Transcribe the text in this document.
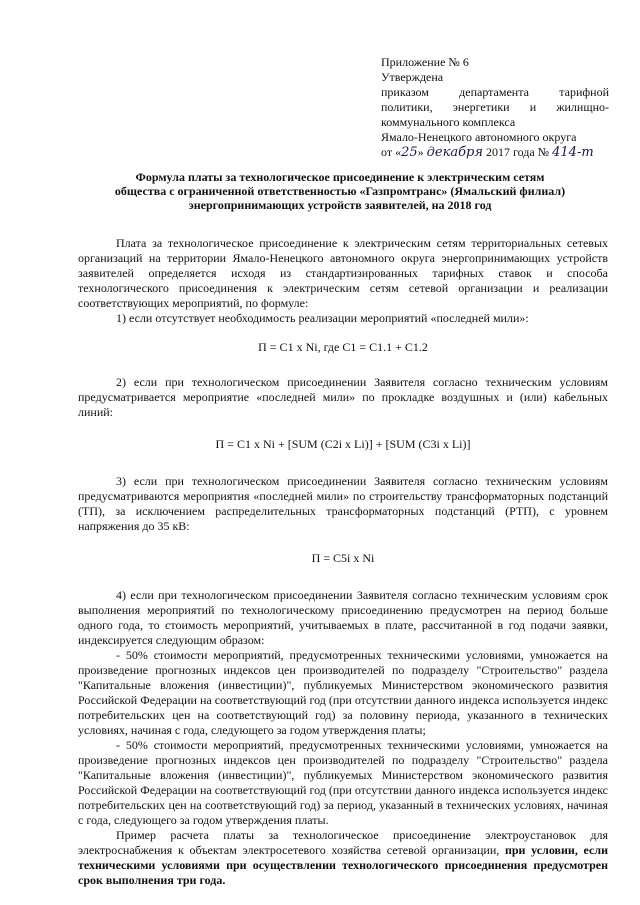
Приложение № 6
Утверждена
приказом департамента тарифной
политики, энергетики и жилищно-
коммунального комплекса
Ямало-Ненецкого автономного округа
от «25» декабря 2017 года № 414-т
Формула платы за технологическое присоединение к электрическим сетям
общества с ограниченной ответственностью «Газпромтранс» (Ямальский филиал)
энергопринимающих устройств заявителей, на 2018 год

Плата за технологическое присоединение к электрическим сетям территориальных сетевых организаций на территории Ямало-Ненецкого автономного округа энергопринимающих устройств заявителей определяется исходя из стандартизированных тарифных ставок и способа технологического присоединения к электрическим сетям сетевой организации и реализации соответствующих мероприятий, по формуле:

1) если отсутствует необходимость реализации мероприятий «последней мили»:

П = С1 х Ni, где С1 = С1.1 + С1.2

2) если при технологическом присоединении Заявителя согласно техническим условиям предусматривается мероприятие «последней мили» по прокладке воздушных и (или) кабельных линий:

П = С1 х Ni + [SUM (С2i х Li)] + [SUM (С3i х Li)]

3) если при технологическом присоединении Заявителя согласно техническим условиям предусматриваются мероприятия «последней мили» по строительству трансформаторных подстанций (ТП), за исключением распределительных трансформаторных подстанций (РТП), с уровнем напряжения до 35 кВ:

П = С5i х Ni

4) если при технологическом присоединении Заявителя согласно техническим условиям срок выполнения мероприятий по технологическому присоединению предусмотрен на период больше одного года, то стоимость мероприятий, учитываемых в плате, рассчитанной в год подачи заявки, индексируется следующим образом:

- 50% стоимости мероприятий, предусмотренных техническими условиями, умножается на произведение прогнозных индексов цен производителей по подразделу "Строительство" раздела "Капитальные вложения (инвестиции)", публикуемых Министерством экономического развития Российской Федерации на соответствующий год (при отсутствии данного индекса используется индекс потребительских цен на соответствующий год) за половину периода, указанного в технических условиях, начиная с года, следующего за годом утверждения платы;

- 50% стоимости мероприятий, предусмотренных техническими условиями, умножается на произведение прогнозных индексов цен производителей по подразделу "Строительство" раздела "Капитальные вложения (инвестиции)", публикуемых Министерством экономического развития Российской Федерации на соответствующий год (при отсутствии данного индекса используется индекс потребительских цен на соответствующий год) за период, указанный в технических условиях, начиная с года, следующего за годом утверждения платы.

Пример расчета платы за технологическое присоединение электроустановок для электроснабжения к объектам электросетевого хозяйства сетевой организации, при условии, если техническими условиями при осуществлении технологического присоединения предусмотрен срок выполнения три года.
